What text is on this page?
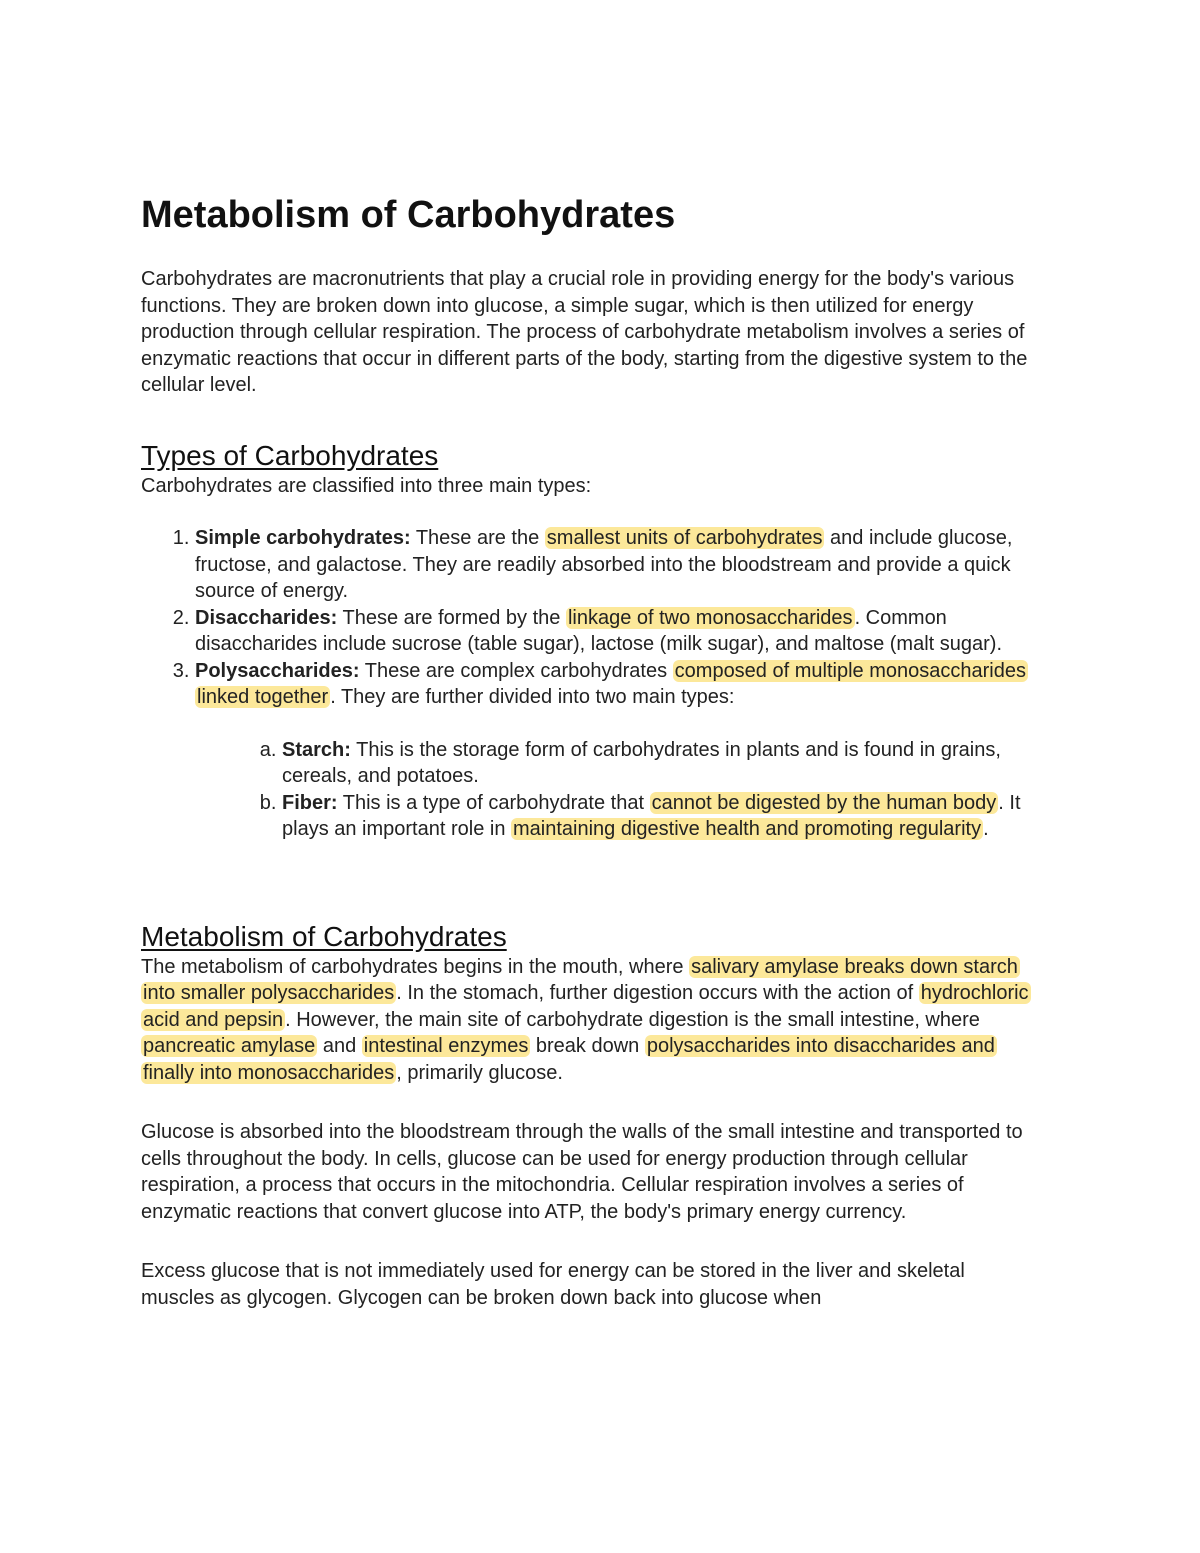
Metabolism of Carbohydrates

Carbohydrates are macronutrients that play a crucial role in providing energy for the body's various functions. They are broken down into glucose, a simple sugar, which is then utilized for energy production through cellular respiration. The process of carbohydrate metabolism involves a series of enzymatic reactions that occur in different parts of the body, starting from the digestive system to the cellular level.

Types of Carbohydrates

Carbohydrates are classified into three main types:

1. Simple carbohydrates: These are the smallest units of carbohydrates and include glucose, fructose, and galactose. They are readily absorbed into the bloodstream and provide a quick source of energy.
2. Disaccharides: These are formed by the linkage of two monosaccharides . Common disaccharides include sucrose (table sugar), lactose (milk sugar), and maltose (malt sugar).
3. Polysaccharides: These are complex carbohydrates composed of multiple monosaccharides linked together . They are further divided into two main types:
a. Starch: This is the storage form of carbohydrates in plants and is found in grains, cereals, and potatoes.
b. Fiber: This is a type of carbohydrate that cannot be digested by the human body . It plays an important role in maintaining digestive health and promoting regularity .
Metabolism of Carbohydrates

The metabolism of carbohydrates begins in the mouth, where salivary amylase breaks down starch into smaller polysaccharides . In the stomach, further digestion occurs with the action of hydrochloric acid and pepsin . However, the main site of carbohydrate digestion is the small intestine, where pancreatic amylase and intestinal enzymes break down polysaccharides into disaccharides and finally into monosaccharides , primarily glucose.

Glucose is absorbed into the bloodstream through the walls of the small intestine and transported to cells throughout the body. In cells, glucose can be used for energy production through cellular respiration, a process that occurs in the mitochondria. Cellular respiration involves a series of enzymatic reactions that convert glucose into ATP, the body's primary energy currency.

Excess glucose that is not immediately used for energy can be stored in the liver and skeletal muscles as glycogen. Glycogen can be broken down back into glucose when
